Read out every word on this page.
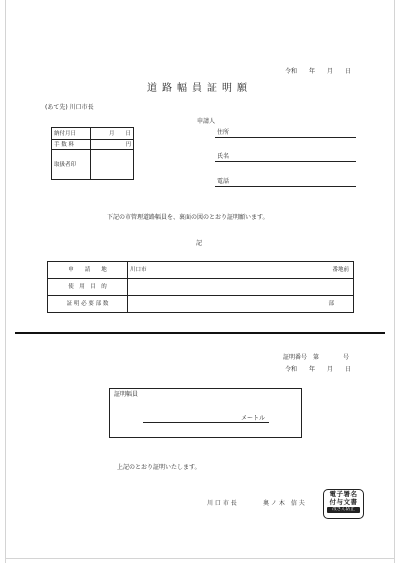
令和　　年　　月　　日
道路幅員証明願
(あて先) 川口市長
納付月日	月　　日
手 数 料	円
取扱者印	
申請人
住所
氏名
電話
下記の市管理道路幅員を、裏面の図のとおり証明願います。
記
申　　請　　地	川口市 番地前

使　用　目　的	
証 明 必 要 部 数	部
証明番号　第　　　　号
令和　　年　　月　　日
証明幅員
メートル
上記のとおり証明いたします。
川 口 市 長	奥 ノ 木　信 夫
電子署名
付与文書
改ざん防止
